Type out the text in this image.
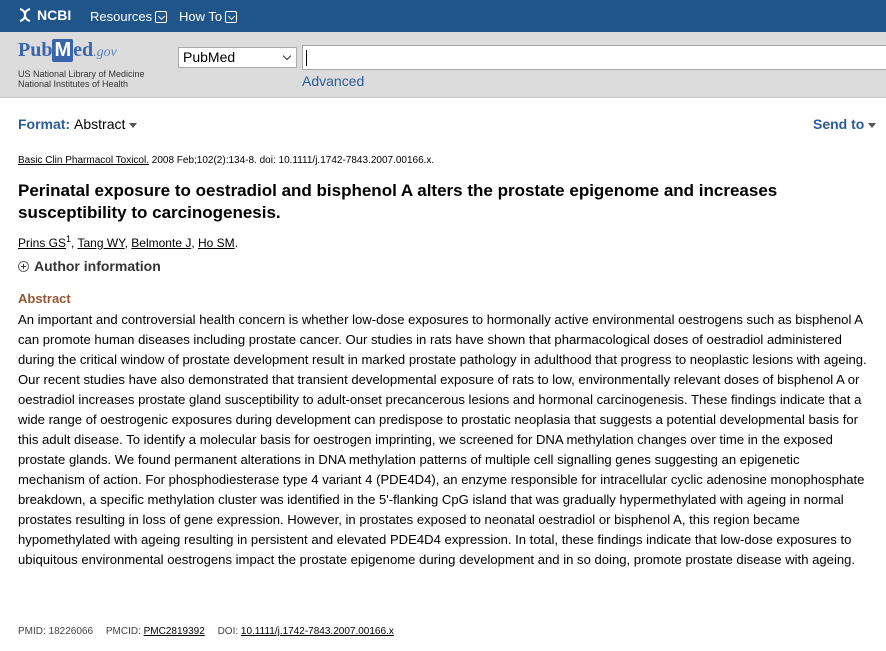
NCBI Resources How To
Pub M ed.gov
US National Library of Medicine
National Institutes of Health
PubMed
Advanced
Format: Abstract	Send to
Basic Clin Pharmacol Toxicol. 2008 Feb;102(2):134-8. doi: 10.1111/j.1742-7843.2007.00166.x.
Perinatal exposure to oestradiol and bisphenol A alters the prostate epigenome and increases susceptibility to carcinogenesis.
Prins $GS^1$, Tang WY, Belmonte J, Ho SM.
Author information
Abstract

An important and controversial health concern is whether low-dose exposures to hormonally active environmental oestrogens such as bisphenol A can promote human diseases including prostate cancer. Our studies in rats have shown that pharmacological doses of oestradiol administered during the critical window of prostate development result in marked prostate pathology in adulthood that progress to neoplastic lesions with ageing. Our recent studies have also demonstrated that transient developmental exposure of rats to low, environmentally relevant doses of bisphenol A or oestradiol increases prostate gland susceptibility to adult-onset precancerous lesions and hormonal carcinogenesis. These findings indicate that a wide range of oestrogenic exposures during development can predispose to prostatic neoplasia that suggests a potential developmental basis for this adult disease. To identify a molecular basis for oestrogen imprinting, we screened for DNA methylation changes over time in the exposed prostate glands. We found permanent alterations in DNA methylation patterns of multiple cell signalling genes suggesting an epigenetic mechanism of action. For phosphodiesterase type 4 variant 4 (PDE4D4), an enzyme responsible for intracellular cyclic adenosine monophosphate breakdown, a specific methylation cluster was identified in the 5'-flanking CpG island that was gradually hypermethylated with ageing in normal prostates resulting in loss of gene expression. However, in prostates exposed to neonatal oestradiol or bisphenol A, this region became hypomethylated with ageing resulting in persistent and elevated PDE4D4 expression. In total, these findings indicate that low-dose exposures to ubiquitous environmental oestrogens impact the prostate epigenome during development and in so doing, promote prostate disease with ageing.

PMID: 18226066 PMCID: PMC2819392 DOI: 10.1111/j.1742-7843.2007.00166.x
